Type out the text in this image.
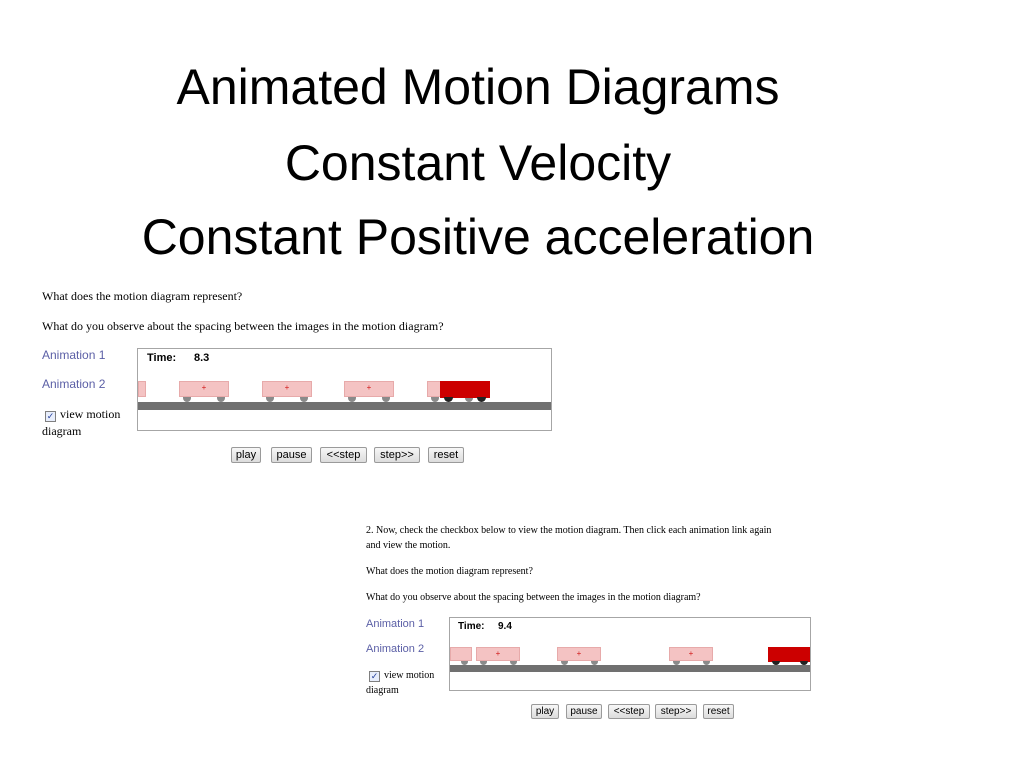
Animated Motion Diagrams
Constant Velocity
Constant Positive acceleration
What does the motion diagram represent?
What do you observe about the spacing between the images in the motion diagram?
Animation 1
Animation 2
✓ view motion
diagram
Time: 8.3
+	+	+
play	pause	<<step	step>>	reset
2. Now, check the checkbox below to view the motion diagram. Then click each animation link again
and view the motion.
What does the motion diagram represent?
What do you observe about the spacing between the images in the motion diagram?
Animation 1
Animation 2
✓ view motion
diagram
Time: 9.4
+	+	+
play	pause	<<step	step>>	reset
